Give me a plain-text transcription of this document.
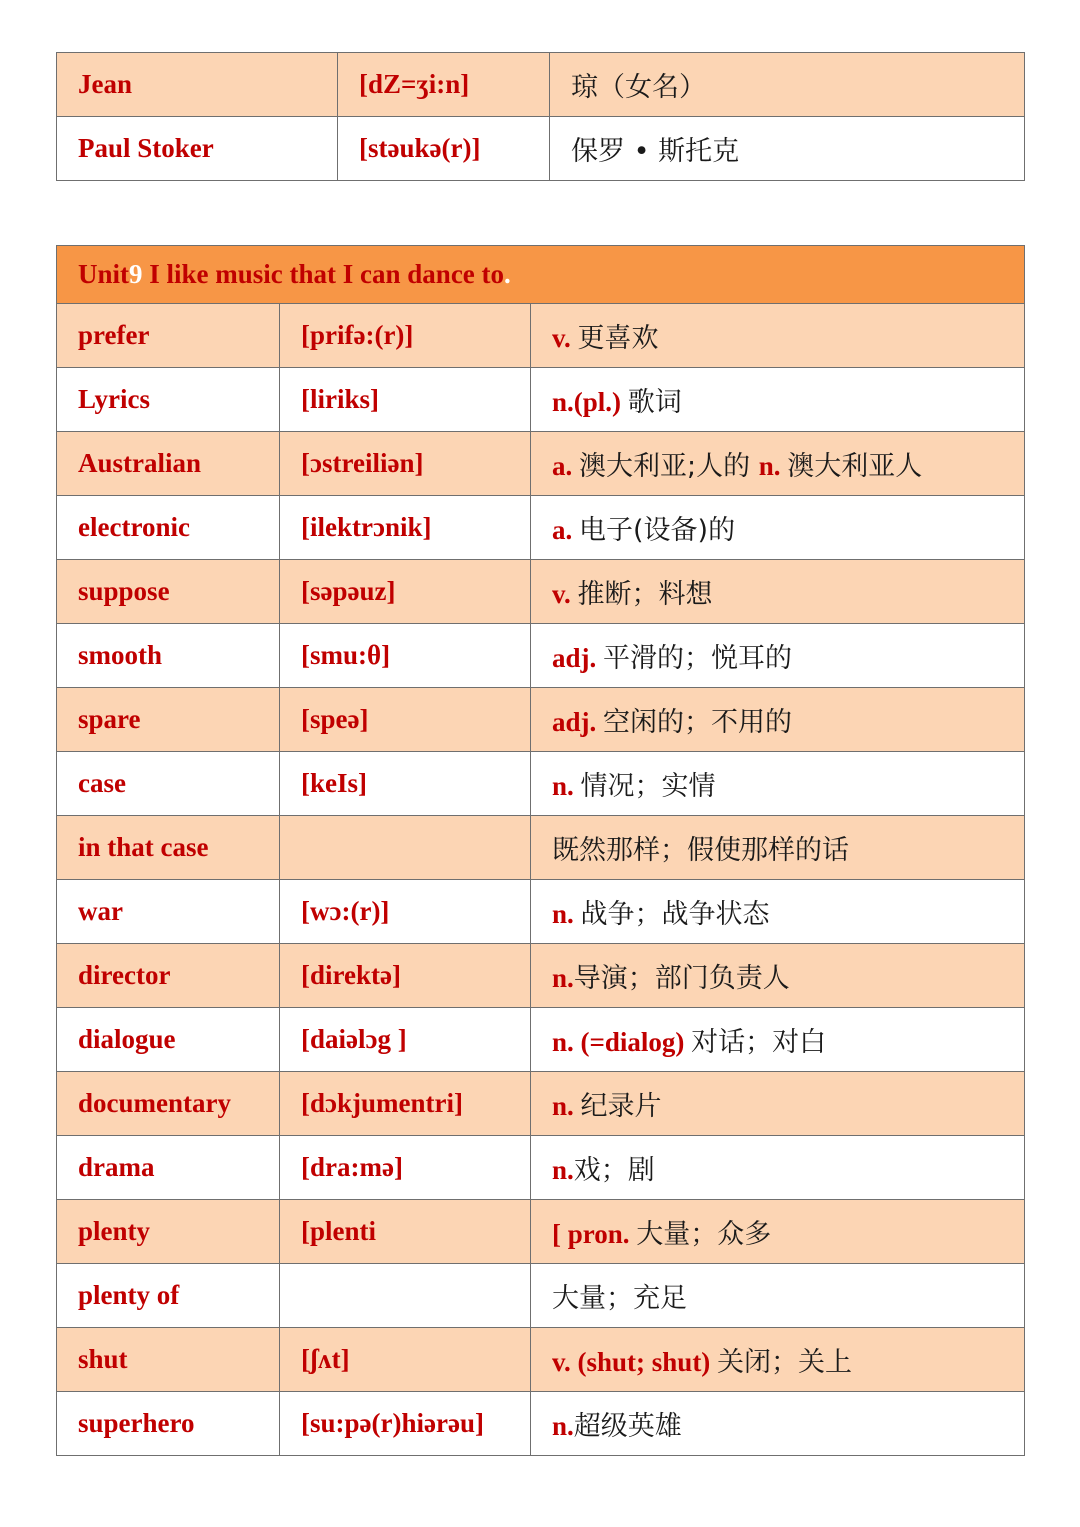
Jean	[dZ=ʒi:n]	琼（女名）
Paul Stoker	[stəukə(r)]	保罗 • 斯托克
Unit9 I like music that I can dance to.		
prefer	[prifə:(r)]	v. 更喜欢
Lyrics	[liriks]	n.(pl.) 歌词
Australian	[ɔstreiliən]	a. 澳大利亚;人的 n. 澳大利亚人
electronic	[ilektrɔnik]	a. 电子(设备)的
suppose	[səpəuz]	v. 推断；料想
smooth	[smu:θ]	adj. 平滑的；悦耳的
spare	[speə]	adj. 空闲的；不用的
case	[keIs]	n. 情况；实情
in that case		既然那样；假使那样的话
war	[wɔ:(r)]	n. 战争；战争状态
director	[direktə]	n.导演；部门负责人
dialogue	[daiəlɔg ]	n. (=dialog) 对话；对白
documentary	[dɔkjumentri]	n. 纪录片
drama	[dra:mə]	n.戏；剧
plenty	[plenti	[ pron. 大量；众多
plenty of		大量；充足
shut	[ʃʌt]	v. (shut; shut) 关闭；关上
superhero	[su:pə(r)hiərəu]	n.超级英雄
